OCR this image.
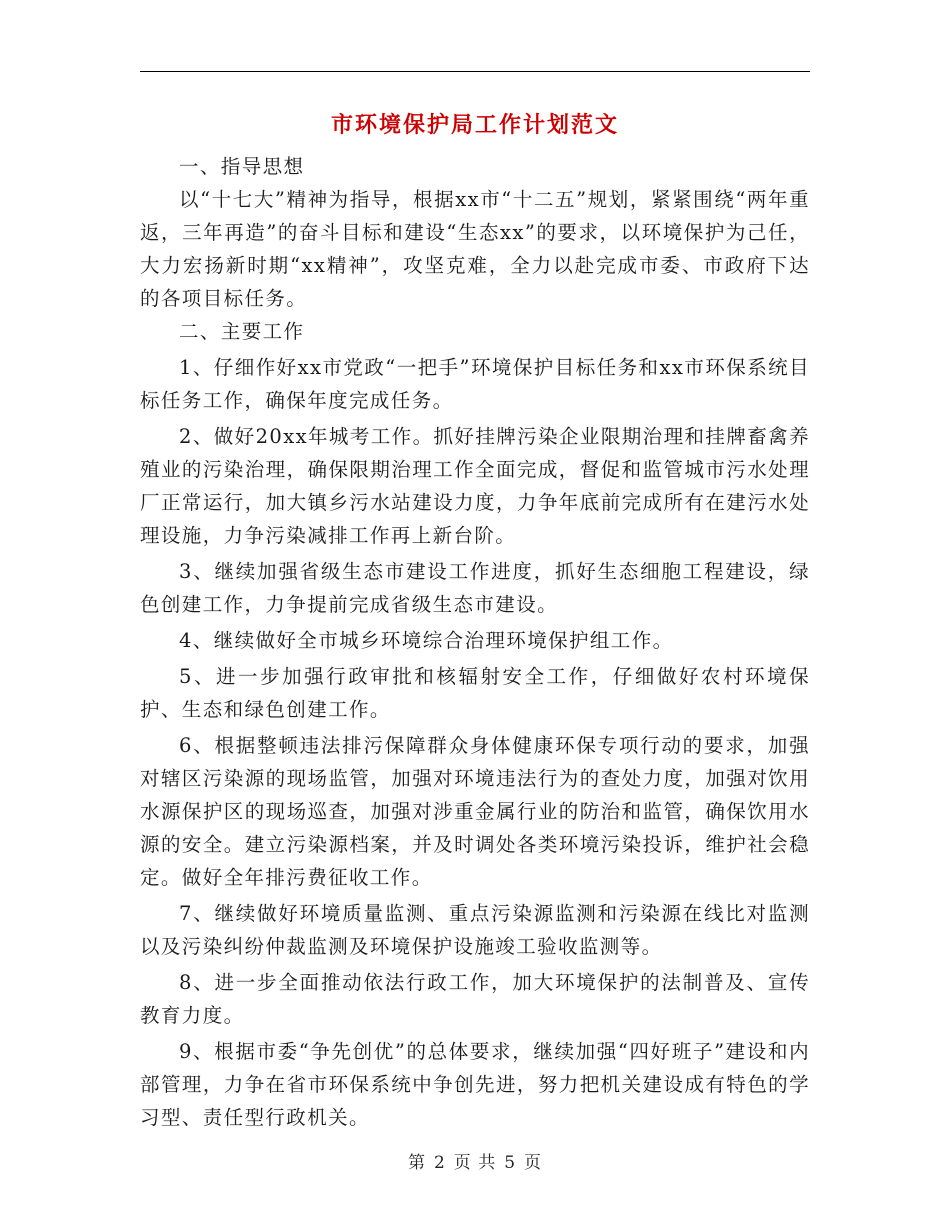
市环境保护局工作计划范文

一、指导思想

以“十七大”精神为指导，根据xx市“十二五”规划，紧紧围绕“两年重返，三年再造”的奋斗目标和建设“生态xx”的要求，以环境保护为己任，大力宏扬新时期“xx精神”，攻坚克难，全力以赴完成市委、市政府下达的各项目标任务。

二、主要工作

1、仔细作好xx市党政“一把手”环境保护目标任务和xx市环保系统目标任务工作，确保年度完成任务。

2、做好20xx年城考工作。抓好挂牌污染企业限期治理和挂牌畜禽养殖业的污染治理，确保限期治理工作全面完成，督促和监管城市污水处理厂正常运行，加大镇乡污水站建设力度，力争年底前完成所有在建污水处理设施，力争污染减排工作再上新台阶。

3、继续加强省级生态市建设工作进度，抓好生态细胞工程建设，绿色创建工作，力争提前完成省级生态市建设。

4、继续做好全市城乡环境综合治理环境保护组工作。

5、进一步加强行政审批和核辐射安全工作，仔细做好农村环境保护、生态和绿色创建工作。

6、根据整顿违法排污保障群众身体健康环保专项行动的要求，加强对辖区污染源的现场监管，加强对环境违法行为的查处力度，加强对饮用水源保护区的现场巡查，加强对涉重金属行业的防治和监管，确保饮用水源的安全。建立污染源档案，并及时调处各类环境污染投诉，维护社会稳定。做好全年排污费征收工作。

7、继续做好环境质量监测、重点污染源监测和污染源在线比对监测以及污染纠纷仲裁监测及环境保护设施竣工验收监测等。

8、进一步全面推动依法行政工作，加大环境保护的法制普及、宣传教育力度。

9、根据市委“争先创优”的总体要求，继续加强“四好班子”建设和内部管理，力争在省市环保系统中争创先进，努力把机关建设成有特色的学习型、责任型行政机关。

第 2 页 共 5 页
